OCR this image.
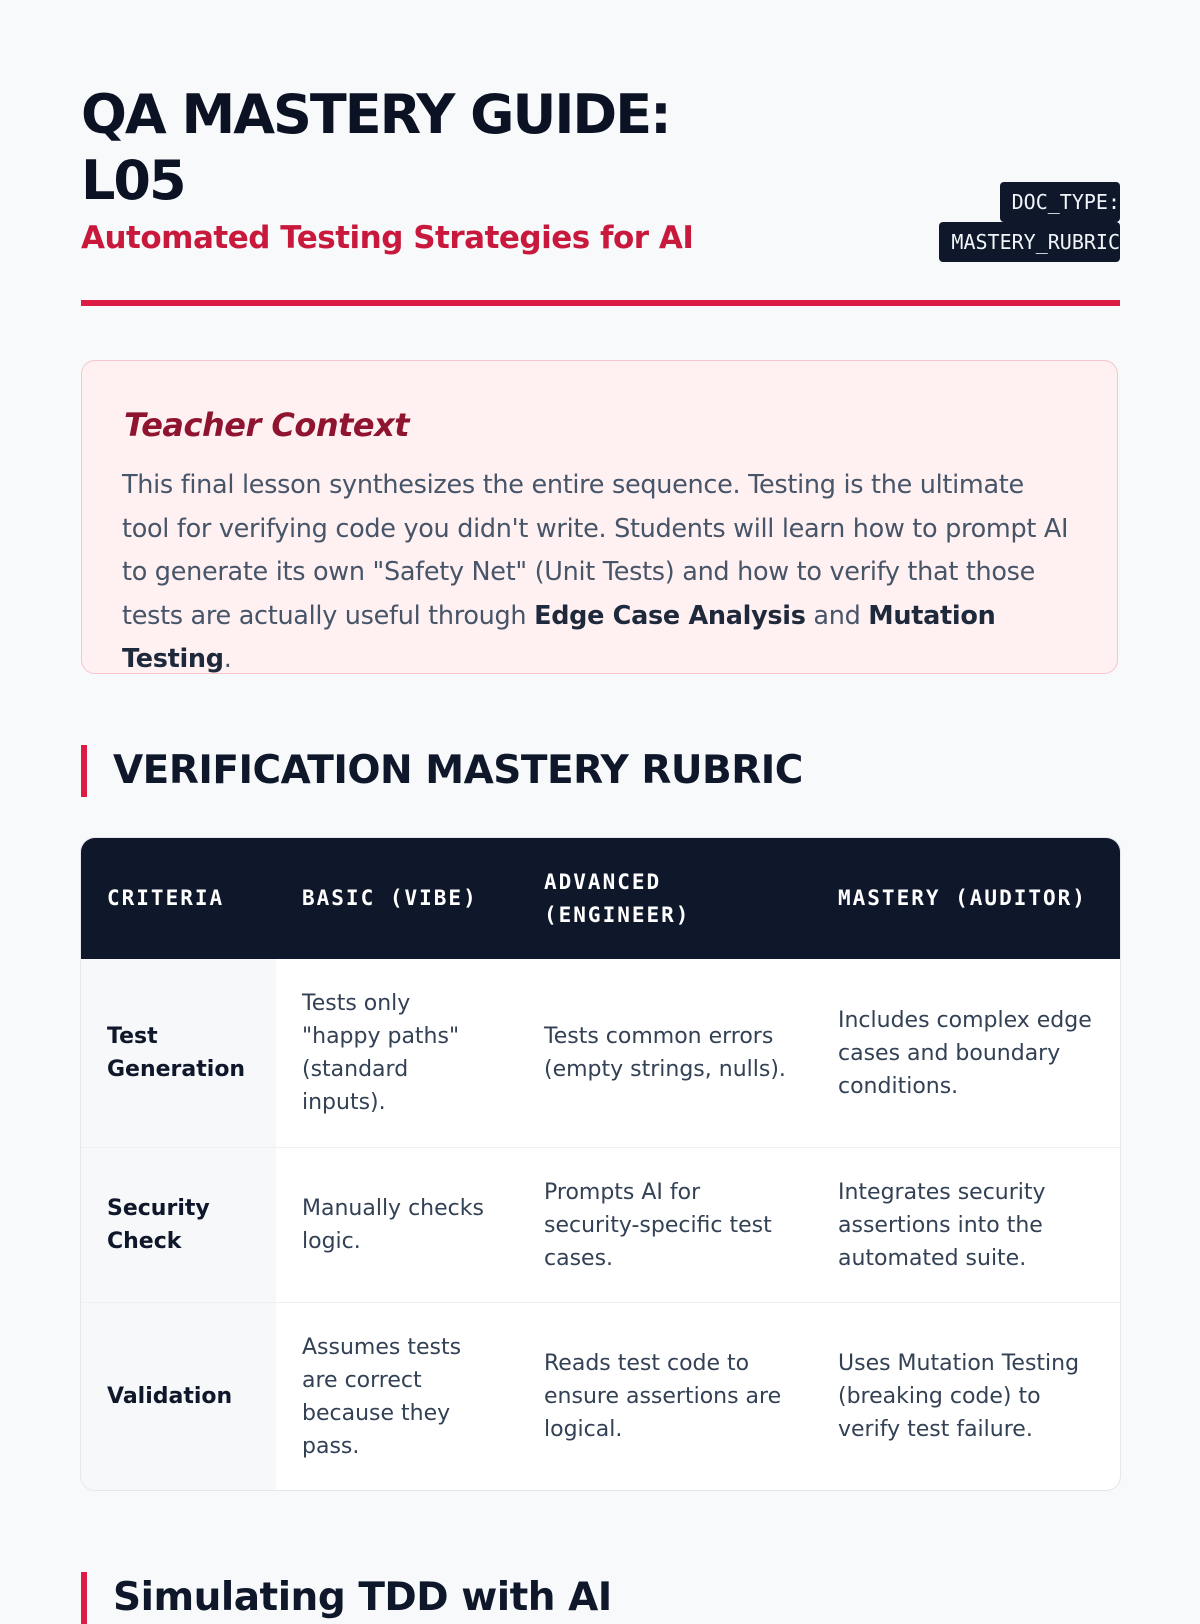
QA MASTERY GUIDE:
L05
Automated Testing Strategies for AI
DOC_TYPE: MASTERY_RUBRIC
Teacher Context

This final lesson synthesizes the entire sequence. Testing is the ultimate tool for verifying code you didn't write. Students will learn how to prompt AI to generate its own "Safety Net" (Unit Tests) and how to verify that those tests are actually useful through Edge Case Analysis and Mutation Testing.

VERIFICATION MASTERY RUBRIC
CRITERIA	BASIC (VIBE)	ADVANCED (ENGINEER)	MASTERY (AUDITOR)
Test Generation	Tests only "happy paths" (standard inputs).	Tests common errors (empty strings, nulls).	Includes complex edge cases and boundary conditions.
Security Check	Manually checks logic.	Prompts AI for security-specific test cases.	Integrates security assertions into the automated suite.
Validation	Assumes tests are correct because they pass.	Reads test code to ensure assertions are logical.	Uses Mutation Testing (breaking code) to verify test failure.
Simulating TDD with AI
